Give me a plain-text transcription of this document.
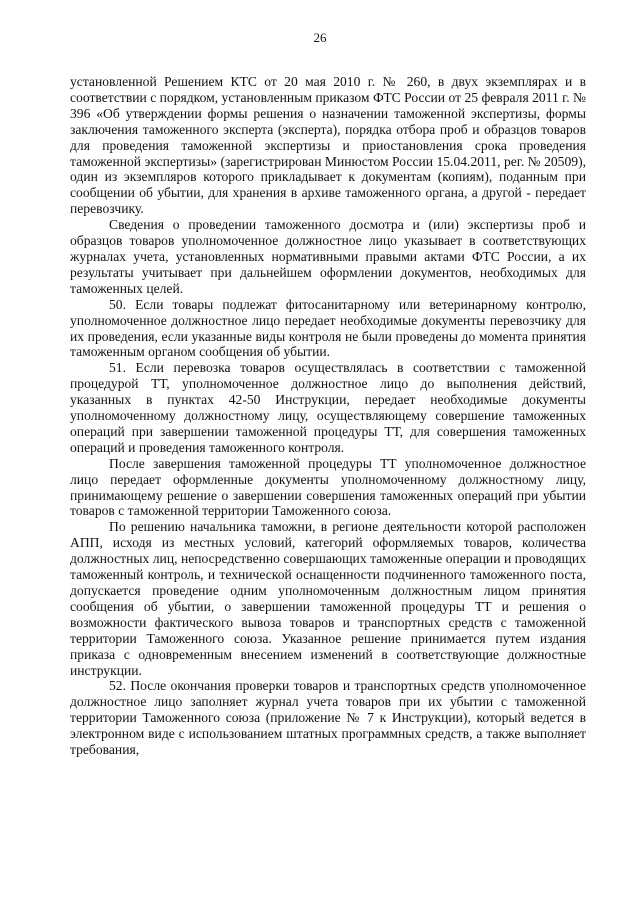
26

установленной Решением КТС от 20 мая 2010 г. № 260, в двух экземплярах и в соответствии с порядком, установленным приказом ФТС России от 25 февраля 2011 г. № 396 «Об утверждении формы решения о назначении таможенной экспертизы, формы заключения таможенного эксперта (эксперта), порядка отбора проб и образцов товаров для проведения таможенной экспертизы и приостановления срока проведения таможенной экспертизы» (зарегистрирован Минюстом России 15.04.2011, рег. № 20509), один из экземпляров которого прикладывает к документам (копиям), поданным при сообщении об убытии, для хранения в архиве таможенного органа, а другой - передает перевозчику.

Сведения о проведении таможенного досмотра и (или) экспертизы проб и образцов товаров уполномоченное должностное лицо указывает в соответствующих журналах учета, установленных нормативными правыми актами ФТС России, а их результаты учитывает при дальнейшем оформлении документов, необходимых для таможенных целей.

50. Если товары подлежат фитосанитарному или ветеринарному контролю, уполномоченное должностное лицо передает необходимые документы перевозчику для их проведения, если указанные виды контроля не были проведены до момента принятия таможенным органом сообщения об убытии.

51. Если перевозка товаров осуществлялась в соответствии с таможенной процедурой ТТ, уполномоченное должностное лицо до выполнения действий, указанных в пунктах 42-50 Инструкции, передает необходимые документы уполномоченному должностному лицу, осуществляющему совершение таможенных операций при завершении таможенной процедуры ТТ, для совершения таможенных операций и проведения таможенного контроля.

После завершения таможенной процедуры ТТ уполномоченное должностное лицо передает оформленные документы уполномоченному должностному лицу, принимающему решение о завершении совершения таможенных операций при убытии товаров с таможенной территории Таможенного союза.

По решению начальника таможни, в регионе деятельности которой расположен АПП, исходя из местных условий, категорий оформляемых товаров, количества должностных лиц, непосредственно совершающих таможенные операции и проводящих таможенный контроль, и технической оснащенности подчиненного таможенного поста, допускается проведение одним уполномоченным должностным лицом принятия сообщения об убытии, о завершении таможенной процедуры ТТ и решения о возможности фактического вывоза товаров и транспортных средств с таможенной территории Таможенного союза. Указанное решение принимается путем издания приказа с одновременным внесением изменений в соответствующие должностные инструкции.

52. После окончания проверки товаров и транспортных средств уполномоченное должностное лицо заполняет журнал учета товаров при их убытии с таможенной территории Таможенного союза (приложение № 7 к Инструкции), который ведется в электронном виде с использованием штатных программных средств, а также выполняет требования,
